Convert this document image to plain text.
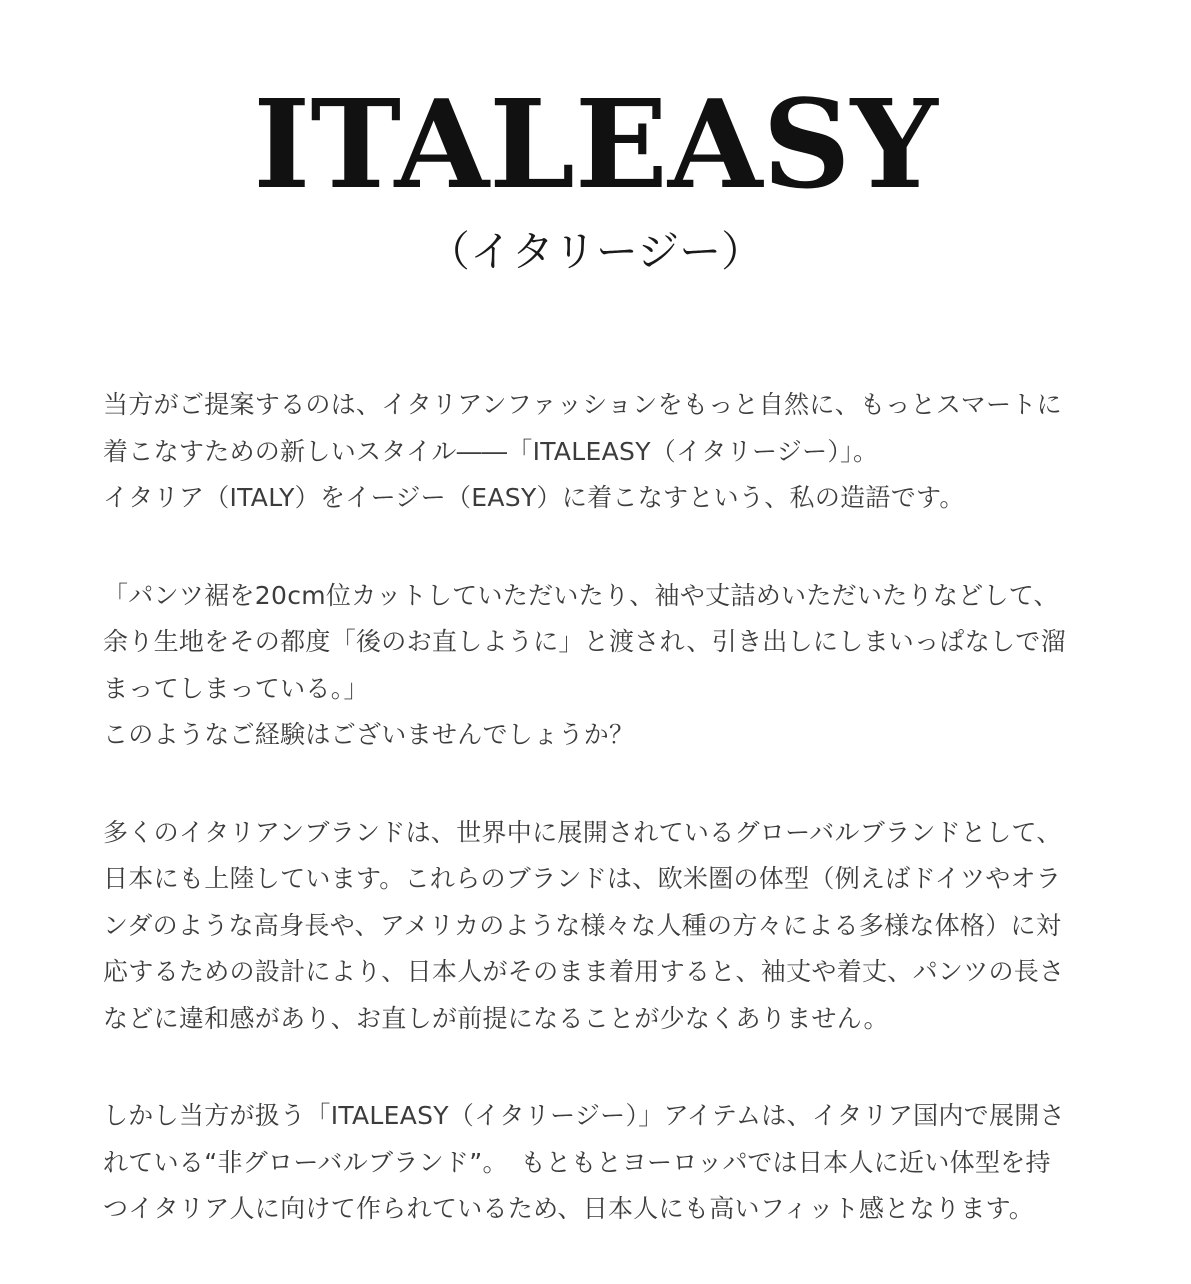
ITALEASY
（イタリージー）
当方がご提案するのは、イタリアンファッションをもっと自然に、もっとスマートに
着こなすための新しいスタイル――「ITALEASY（イタリージー）」。
イタリア（ITALY）をイージー（EASY）に着こなすという、私の造語です。
「パンツ裾を20cm位カットしていただいたり、袖や丈詰めいただいたりなどして、
余り生地をその都度「後のお直しように」と渡され、引き出しにしまいっぱなしで溜
まってしまっている。」
このようなご経験はございませんでしょうか？
多くのイタリアンブランドは、世界中に展開されているグローバルブランドとして、
日本にも上陸しています。これらのブランドは、欧米圏の体型（例えばドイツやオラ
ンダのような高身長や、アメリカのような様々な人種の方々による多様な体格）に対
応するための設計により、日本人がそのまま着用すると、袖丈や着丈、パンツの長さ
などに違和感があり、お直しが前提になることが少なくありません。
しかし当方が扱う「ITALEASY（イタリージー）」アイテムは、イタリア国内で展開さ
れている“非グローバルブランド”。　もともとヨーロッパでは日本人に近い体型を持
つイタリア人に向けて作られているため、日本人にも高いフィット感となります。
